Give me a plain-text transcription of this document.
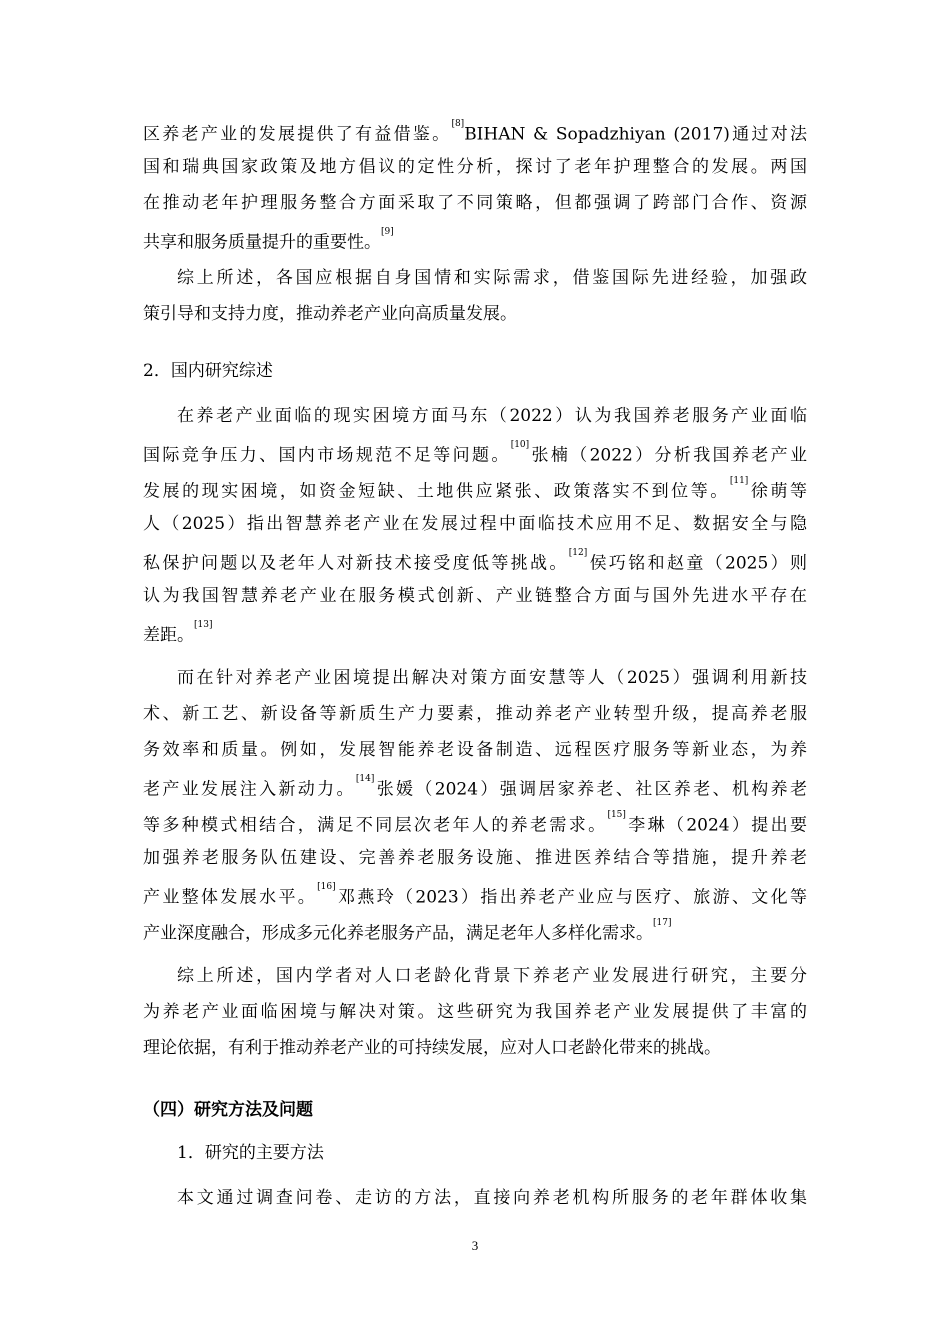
区养老产业的发展提供了有益借鉴。[8]BIHAN & Sopadzhiyan (2017)通过对法
国和瑞典国家政策及地方倡议的定性分析，探讨了老年护理整合的发展。两国
在推动老年护理服务整合方面采取了不同策略，但都强调了跨部门合作、资源
共享和服务质量提升的重要性。[9]
综上所述，各国应根据自身国情和实际需求，借鉴国际先进经验，加强政
策引导和支持力度，推动养老产业向高质量发展。
2．国内研究综述
在养老产业面临的现实困境方面马东（2022）认为我国养老服务产业面临
国际竞争压力、国内市场规范不足等问题。[10]张楠（2022）分析我国养老产业
发展的现实困境，如资金短缺、土地供应紧张、政策落实不到位等。[11]徐萌等
人（2025）指出智慧养老产业在发展过程中面临技术应用不足、数据安全与隐
私保护问题以及老年人对新技术接受度低等挑战。[12]侯巧铭和赵童（2025）则
认为我国智慧养老产业在服务模式创新、产业链整合方面与国外先进水平存在
差距。[13]
而在针对养老产业困境提出解决对策方面安慧等人（2025）强调利用新技
术、新工艺、新设备等新质生产力要素，推动养老产业转型升级，提高养老服
务效率和质量。例如，发展智能养老设备制造、远程医疗服务等新业态，为养
老产业发展注入新动力。[14]张媛（2024）强调居家养老、社区养老、机构养老
等多种模式相结合，满足不同层次老年人的养老需求。[15]李琳（2024）提出要
加强养老服务队伍建设、完善养老服务设施、推进医养结合等措施，提升养老
产业整体发展水平。[16]邓燕玲（2023）指出养老产业应与医疗、旅游、文化等
产业深度融合，形成多元化养老服务产品，满足老年人多样化需求。[17]
综上所述，国内学者对人口老龄化背景下养老产业发展进行研究，主要分
为养老产业面临困境与解决对策。这些研究为我国养老产业发展提供了丰富的
理论依据，有利于推动养老产业的可持续发展，应对人口老龄化带来的挑战。
（四）研究方法及问题
1．研究的主要方法
本文通过调查问卷、走访的方法，直接向养老机构所服务的老年群体收集
3
